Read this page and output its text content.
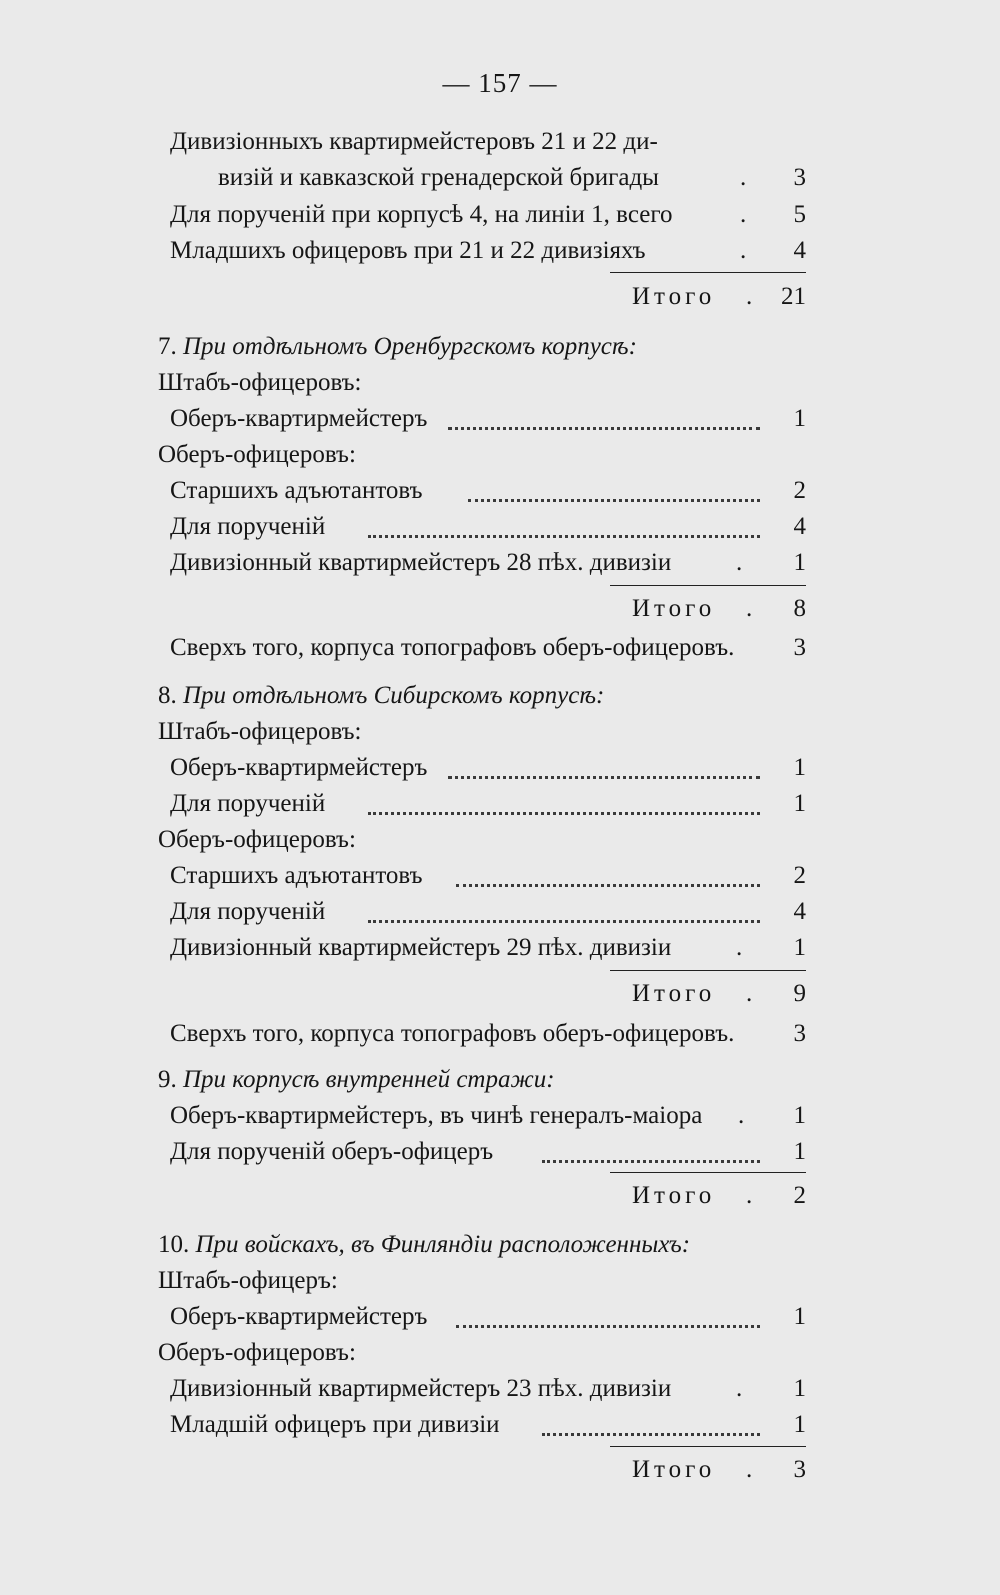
— 157 —
Дивизіонныхъ квартирмейстеровъ 21 и 22 ди-
визій и кавказской гренадерской бригады	3
.
Для порученій при корпусѣ 4, на линіи 1, всего	. 5
Младшихъ офицеровъ при 21 и 22 дивизіяхъ	. 4
Итого . 21
7. При отдѣльномъ Оренбургскомъ корпусѣ:
Штабъ-офицеровъ:
Оберъ-квартирмейстеръ	1
Оберъ-офицеровъ:
Старшихъ адъютантовъ	2
Для порученій	4
Дивизіонный квартирмейстеръ 28 пѣх. дивизіи	. 1
Итого .	8
Сверхъ того, корпуса топографовъ оберъ-офицеровъ. 3
8. При отдѣльномъ Сибирскомъ корпусѣ:
Штабъ-офицеровъ:
Оберъ-квартирмейстеръ	1
Для порученій	1
Оберъ-офицеровъ:
Старшихъ адъютантовъ	2
Для порученій	4
Дивизіонный квартирмейстеръ 29 пѣх. дивизіи	. 1
Итого .	9
Сверхъ того, корпуса топографовъ оберъ-офицеровъ. 3
9. При корпусѣ внутренней стражи:
Оберъ-квартирмейстеръ, въ чинѣ генералъ-маіора . 1
Для порученій оберъ-офицеръ	1
Итого .	2
10. При войскахъ, въ Финляндіи расположенныхъ:
Штабъ-офицеръ:
Оберъ-квартирмейстеръ	1
Оберъ-офицеровъ:
Дивизіонный квартирмейстеръ 23 пѣх. дивизіи	. 1
Младшій офицеръ при дивизіи	1
Итого .	3
